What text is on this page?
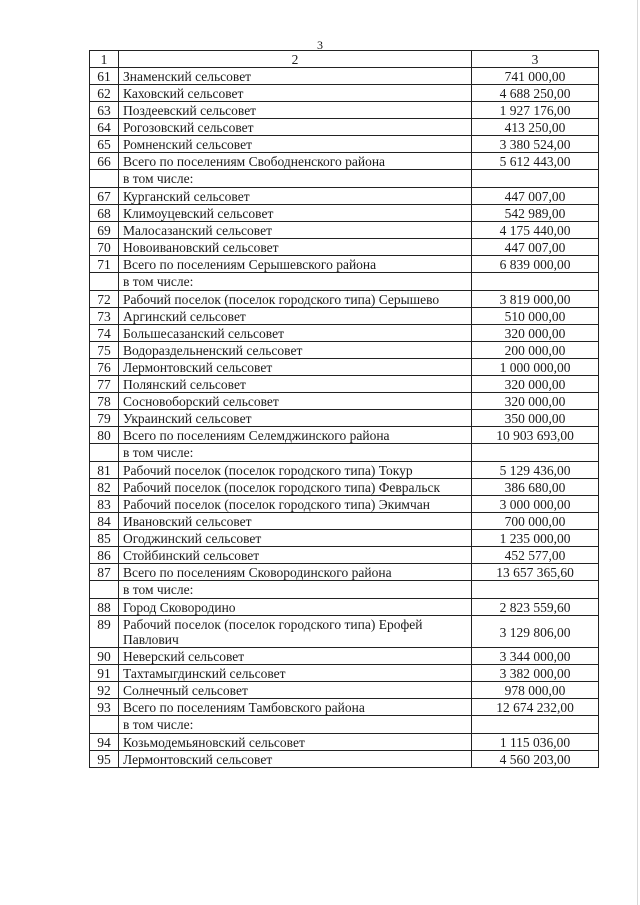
3
1	2	3
61	Знаменский сельсовет	741 000,00
62	Каховский сельсовет	4 688 250,00
63	Поздеевский сельсовет	1 927 176,00
64	Рогозовский сельсовет	413 250,00
65	Ромненский сельсовет	3 380 524,00
66	Всего по поселениям Свободненского района	5 612 443,00
	в том числе:	
67	Курганский сельсовет	447 007,00
68	Климоуцевский сельсовет	542 989,00
69	Малосазанский сельсовет	4 175 440,00
70	Новоивановский сельсовет	447 007,00
71	Всего по поселениям Серышевского района	6 839 000,00
	в том числе:	
72	Рабочий поселок (поселок городского типа) Серышево	3 819 000,00
73	Аргинский сельсовет	510 000,00
74	Большесазанский сельсовет	320 000,00
75	Водораздельненский сельсовет	200 000,00
76	Лермонтовский сельсовет	1 000 000,00
77	Полянский сельсовет	320 000,00
78	Сосновоборский сельсовет	320 000,00
79	Украинский сельсовет	350 000,00
80	Всего по поселениям Селемджинского района	10 903 693,00
	в том числе:	
81	Рабочий поселок (поселок городского типа) Токур	5 129 436,00
82	Рабочий поселок (поселок городского типа) Февральск	386 680,00
83	Рабочий поселок (поселок городского типа) Экимчан	3 000 000,00
84	Ивановский сельсовет	700 000,00
85	Огоджинский сельсовет	1 235 000,00
86	Стойбинский сельсовет	452 577,00
87	Всего по поселениям Сковородинского района	13 657 365,60
	в том числе:	
88	Город Сковородино	2 823 559,60
89	Рабочий поселок (поселок городского типа) Ерофей Павлович	3 129 806,00
90	Неверский сельсовет	3 344 000,00
91	Тахтамыгдинский сельсовет	3 382 000,00
92	Солнечный сельсовет	978 000,00
93	Всего по поселениям Тамбовского района	12 674 232,00
	в том числе:	
94	Козьмодемьяновский сельсовет	1 115 036,00
95	Лермонтовский сельсовет	4 560 203,00
